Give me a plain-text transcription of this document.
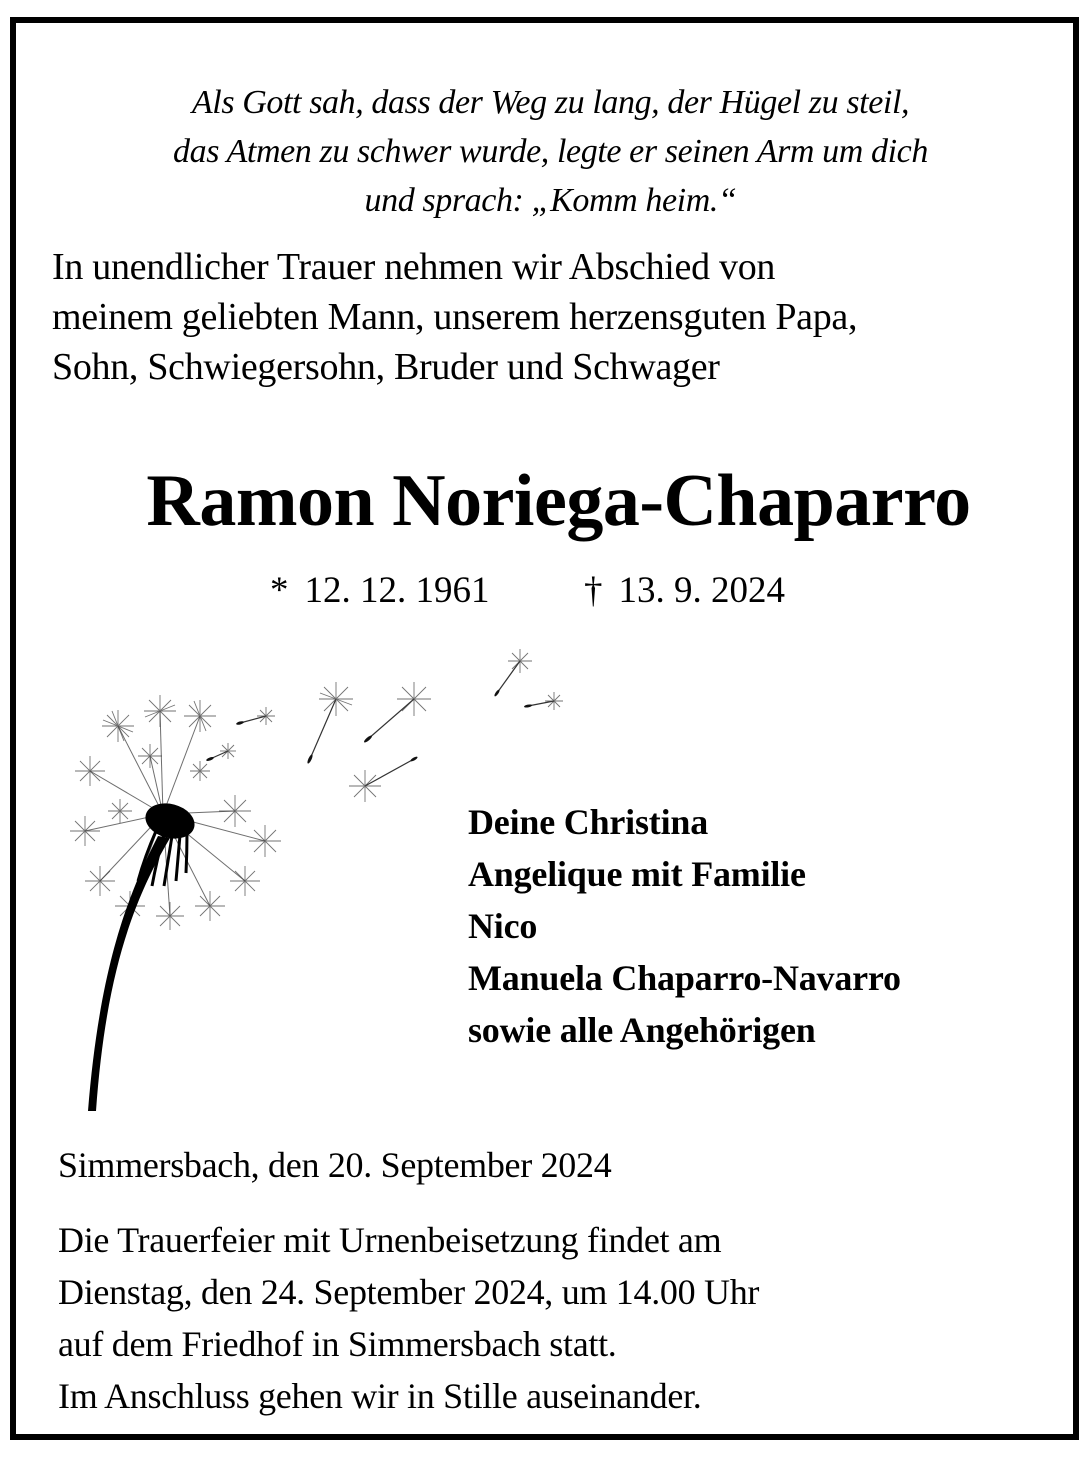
Als Gott sah, dass der Weg zu lang, der Hügel zu steil,
das Atmen zu schwer wurde, legte er seinen Arm um dich
und sprach: „Komm heim.“

In unendlicher Trauer nehmen wir Abschied von
meinem geliebten Mann, unserem herzensguten Papa,
Sohn, Schwiegersohn, Bruder und Schwager

Ramon Noriega-Chaparro
* 12. 12. 1961	† 13. 9. 2024
Deine Christina
Angelique mit Familie
Nico
Manuela Chaparro-Navarro
sowie alle Angehörigen

Simmersbach, den 20. September 2024

Die Trauerfeier mit Urnenbeisetzung findet am
Dienstag, den 24. September 2024, um 14.00 Uhr
auf dem Friedhof in Simmersbach statt.
Im Anschluss gehen wir in Stille auseinander.
